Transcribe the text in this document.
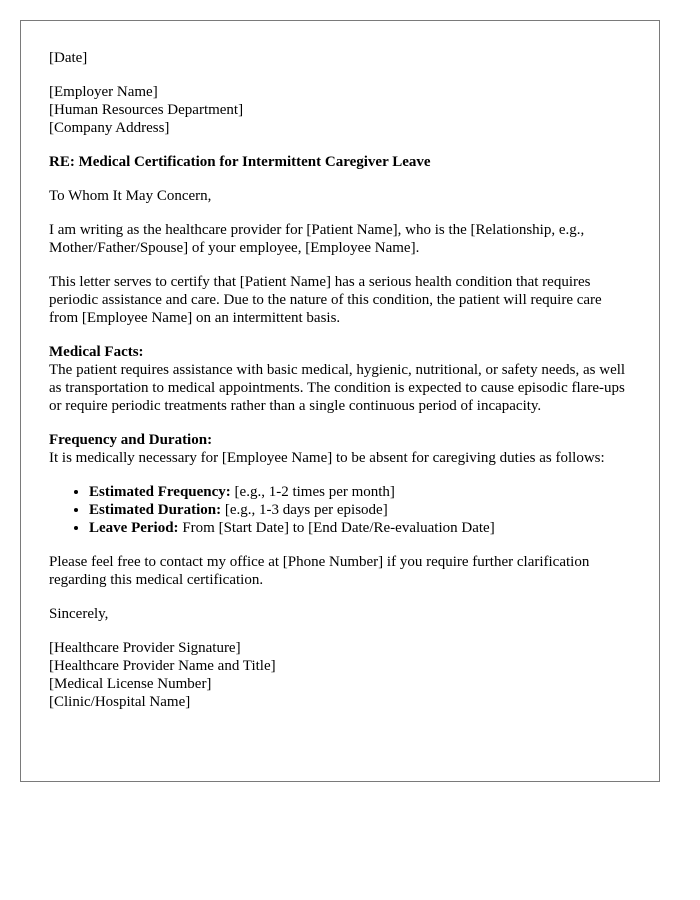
[Date]

[Employer Name]
[Human Resources Department]
[Company Address]

RE: Medical Certification for Intermittent Caregiver Leave

To Whom It May Concern,

I am writing as the healthcare provider for [Patient Name], who is the [Relationship, e.g., Mother/Father/Spouse] of your employee, [Employee Name].

This letter serves to certify that [Patient Name] has a serious health condition that requires periodic assistance and care. Due to the nature of this condition, the patient will require care from [Employee Name] on an intermittent basis.

Medical Facts:
The patient requires assistance with basic medical, hygienic, nutritional, or safety needs, as well as transportation to medical appointments. The condition is expected to cause episodic flare-ups or require periodic treatments rather than a single continuous period of incapacity.
Frequency and Duration:
It is medically necessary for [Employee Name] to be absent for caregiving duties as follows:
• Estimated Frequency: [e.g., 1-2 times per month]
• Estimated Duration: [e.g., 1-3 days per episode]
• Leave Period: From [Start Date] to [End Date/Re-evaluation Date]

Please feel free to contact my office at [Phone Number] if you require further clarification regarding this medical certification.

Sincerely,

[Healthcare Provider Signature]
[Healthcare Provider Name and Title]
[Medical License Number]
[Clinic/Hospital Name]
